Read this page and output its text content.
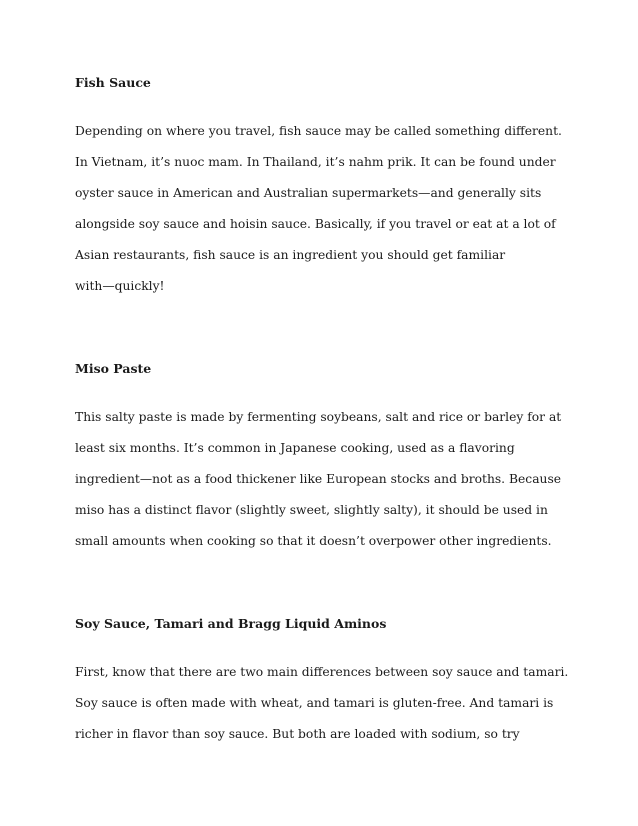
Fish Sauce

Depending on where you travel, fish sauce may be called something different.
In Vietnam, it’s nuoc mam. In Thailand, it’s nahm prik. It can be found under
oyster sauce in American and Australian supermarkets—and generally sits
alongside soy sauce and hoisin sauce. Basically, if you travel or eat at a lot of
Asian restaurants, fish sauce is an ingredient you should get familiar
with—quickly!

Miso Paste

This salty paste is made by fermenting soybeans, salt and rice or barley for at
least six months. It’s common in Japanese cooking, used as a flavoring
ingredient—not as a food thickener like European stocks and broths. Because
miso has a distinct flavor (slightly sweet, slightly salty), it should be used in
small amounts when cooking so that it doesn’t overpower other ingredients.

Soy Sauce, Tamari and Bragg Liquid Aminos

First, know that there are two main differences between soy sauce and tamari.
Soy sauce is often made with wheat, and tamari is gluten-free. And tamari is
richer in flavor than soy sauce. But both are loaded with sodium, so try
